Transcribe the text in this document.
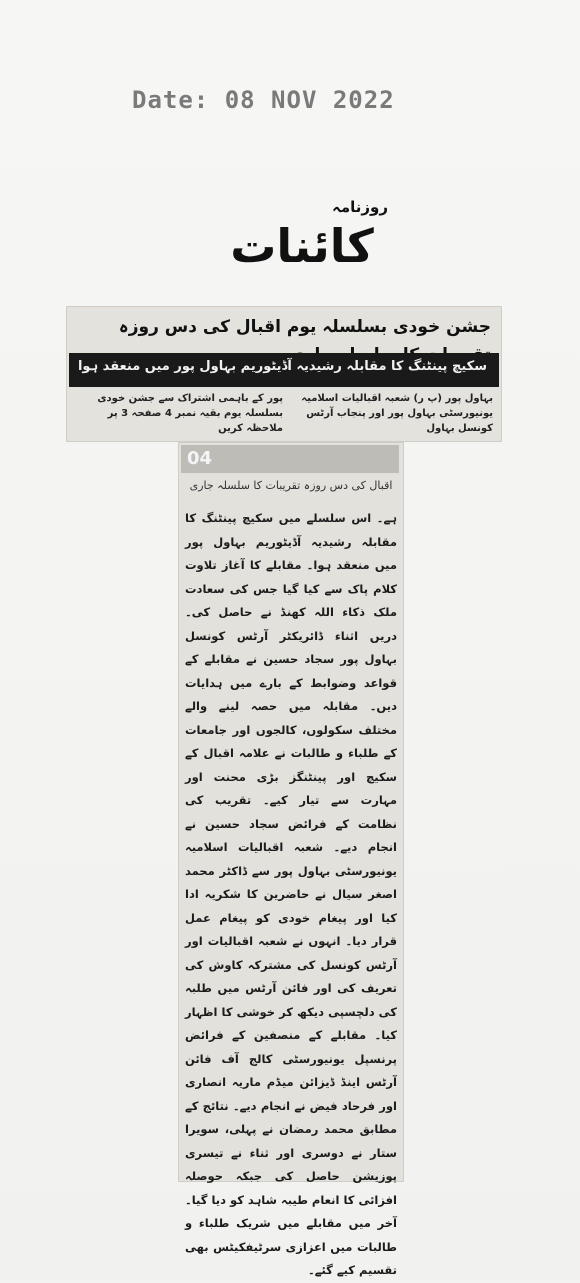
Date: 08 NOV 2022
روزنامہ
کائنات
جشن خودی بسلسلہ یوم اقبال کی دس روزہ
سکیچ پینٹنگ کا مقابلہ رشیدیہ آڈیٹوریم بہاول پور میں منعقد ہوا
بہاول پور (پ ر) شعبہ اقبالیات اسلامیہ یونیورسٹی بہاول پور اور پنجاب آرٹس کونسل بہاول
پور کے باہمی اشتراک سے جشن خودی بسلسلہ یوم بقیہ نمبر 4 صفحہ 3 پر ملاحظہ کریں
04
اقبال کی دس روزہ تقریبات کا سلسلہ جاری
ہے۔ اس سلسلے میں سکیچ پینٹنگ کا مقابلہ رشیدیہ آڈیٹوریم بہاول پور میں منعقد ہوا۔ مقابلے کا آغاز تلاوت کلام پاک سے کیا گیا جس کی سعادت ملک ذکاء اللہ کھنڈ نے حاصل کی۔ دریں اثناء ڈائریکٹر آرٹس کونسل بہاول پور سجاد حسین نے مقابلے کے قواعد وضوابط کے بارے میں ہدایات دیں۔ مقابلہ میں حصہ لینے والے مختلف سکولوں، کالجوں اور جامعات کے طلباء و طالبات نے علامہ اقبال کے سکیچ اور پینٹنگز بڑی محنت اور مہارت سے تیار کیے۔ تقریب کی نظامت کے فرائض سجاد حسین نے انجام دیے۔ شعبہ اقبالیات اسلامیہ یونیورسٹی بہاول پور سے ڈاکٹر محمد اصغر سیال نے حاضرین کا شکریہ ادا کیا اور پیغام خودی کو پیغام عمل قرار دیا۔ انہوں نے شعبہ اقبالیات اور آرٹس کونسل کی مشترکہ کاوش کی تعریف کی اور فائن آرٹس میں طلبہ کی دلچسپی دیکھ کر خوشی کا اظہار کیا۔ مقابلے کے منصفین کے فرائض پرنسپل یونیورسٹی کالج آف فائن آرٹس اینڈ ڈیزائن میڈم ماریہ انصاری اور فرحاد فیض نے انجام دیے۔ نتائج کے مطابق محمد رمضان نے پہلی، سویرا ستار نے دوسری اور ثناء نے تیسری پوزیشن حاصل کی جبکہ حوصلہ افزائی کا انعام طیبہ شاہد کو دیا گیا۔ آخر میں مقابلے میں شریک طلباء و طالبات میں اعزازی سرٹیفکیٹس بھی تقسیم کیے گئے۔
